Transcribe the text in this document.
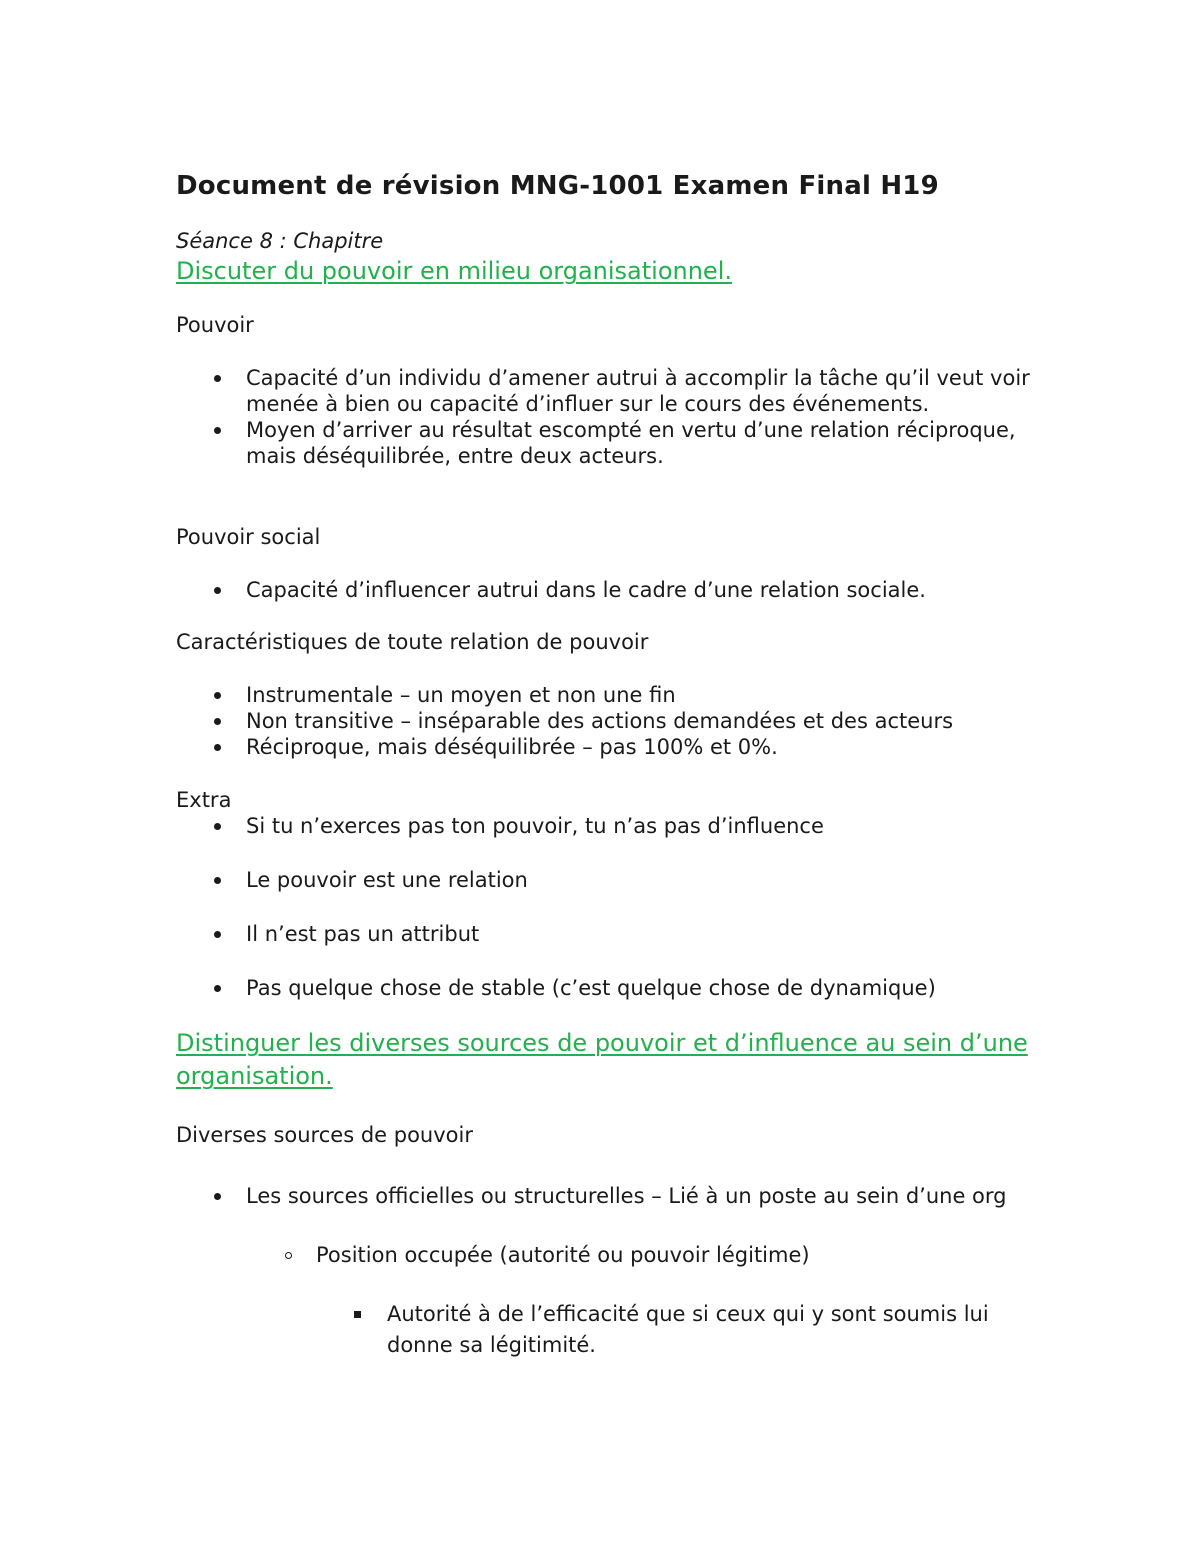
Document de révision MNG-1001 Examen Final H19
Séance 8 : Chapitre
Discuter du pouvoir en milieu organisationnel.
Pouvoir
Capacité d’un individu d’amener autrui à accomplir la tâche qu’il veut voir menée à bien ou capacité d’influer sur le cours des événements.
Moyen d’arriver au résultat escompté en vertu d’une relation réciproque, mais déséquilibrée, entre deux acteurs.
Pouvoir social
Capacité d’influencer autrui dans le cadre d’une relation sociale.
Caractéristiques de toute relation de pouvoir
Instrumentale – un moyen et non une fin
Non transitive – inséparable des actions demandées et des acteurs
Réciproque, mais déséquilibrée – pas 100% et 0%.
Extra
Si tu n’exerces pas ton pouvoir, tu n’as pas d’influence
Le pouvoir est une relation
Il n’est pas un attribut
Pas quelque chose de stable (c’est quelque chose de dynamique)
Distinguer les diverses sources de pouvoir et d’influence au sein d’une organisation.
Diverses sources de pouvoir
Les sources officielles ou structurelles – Lié à un poste au sein d’une org
Position occupée (autorité ou pouvoir légitime)
Autorité à de l’efficacité que si ceux qui y sont soumis lui donne sa légitimité.
